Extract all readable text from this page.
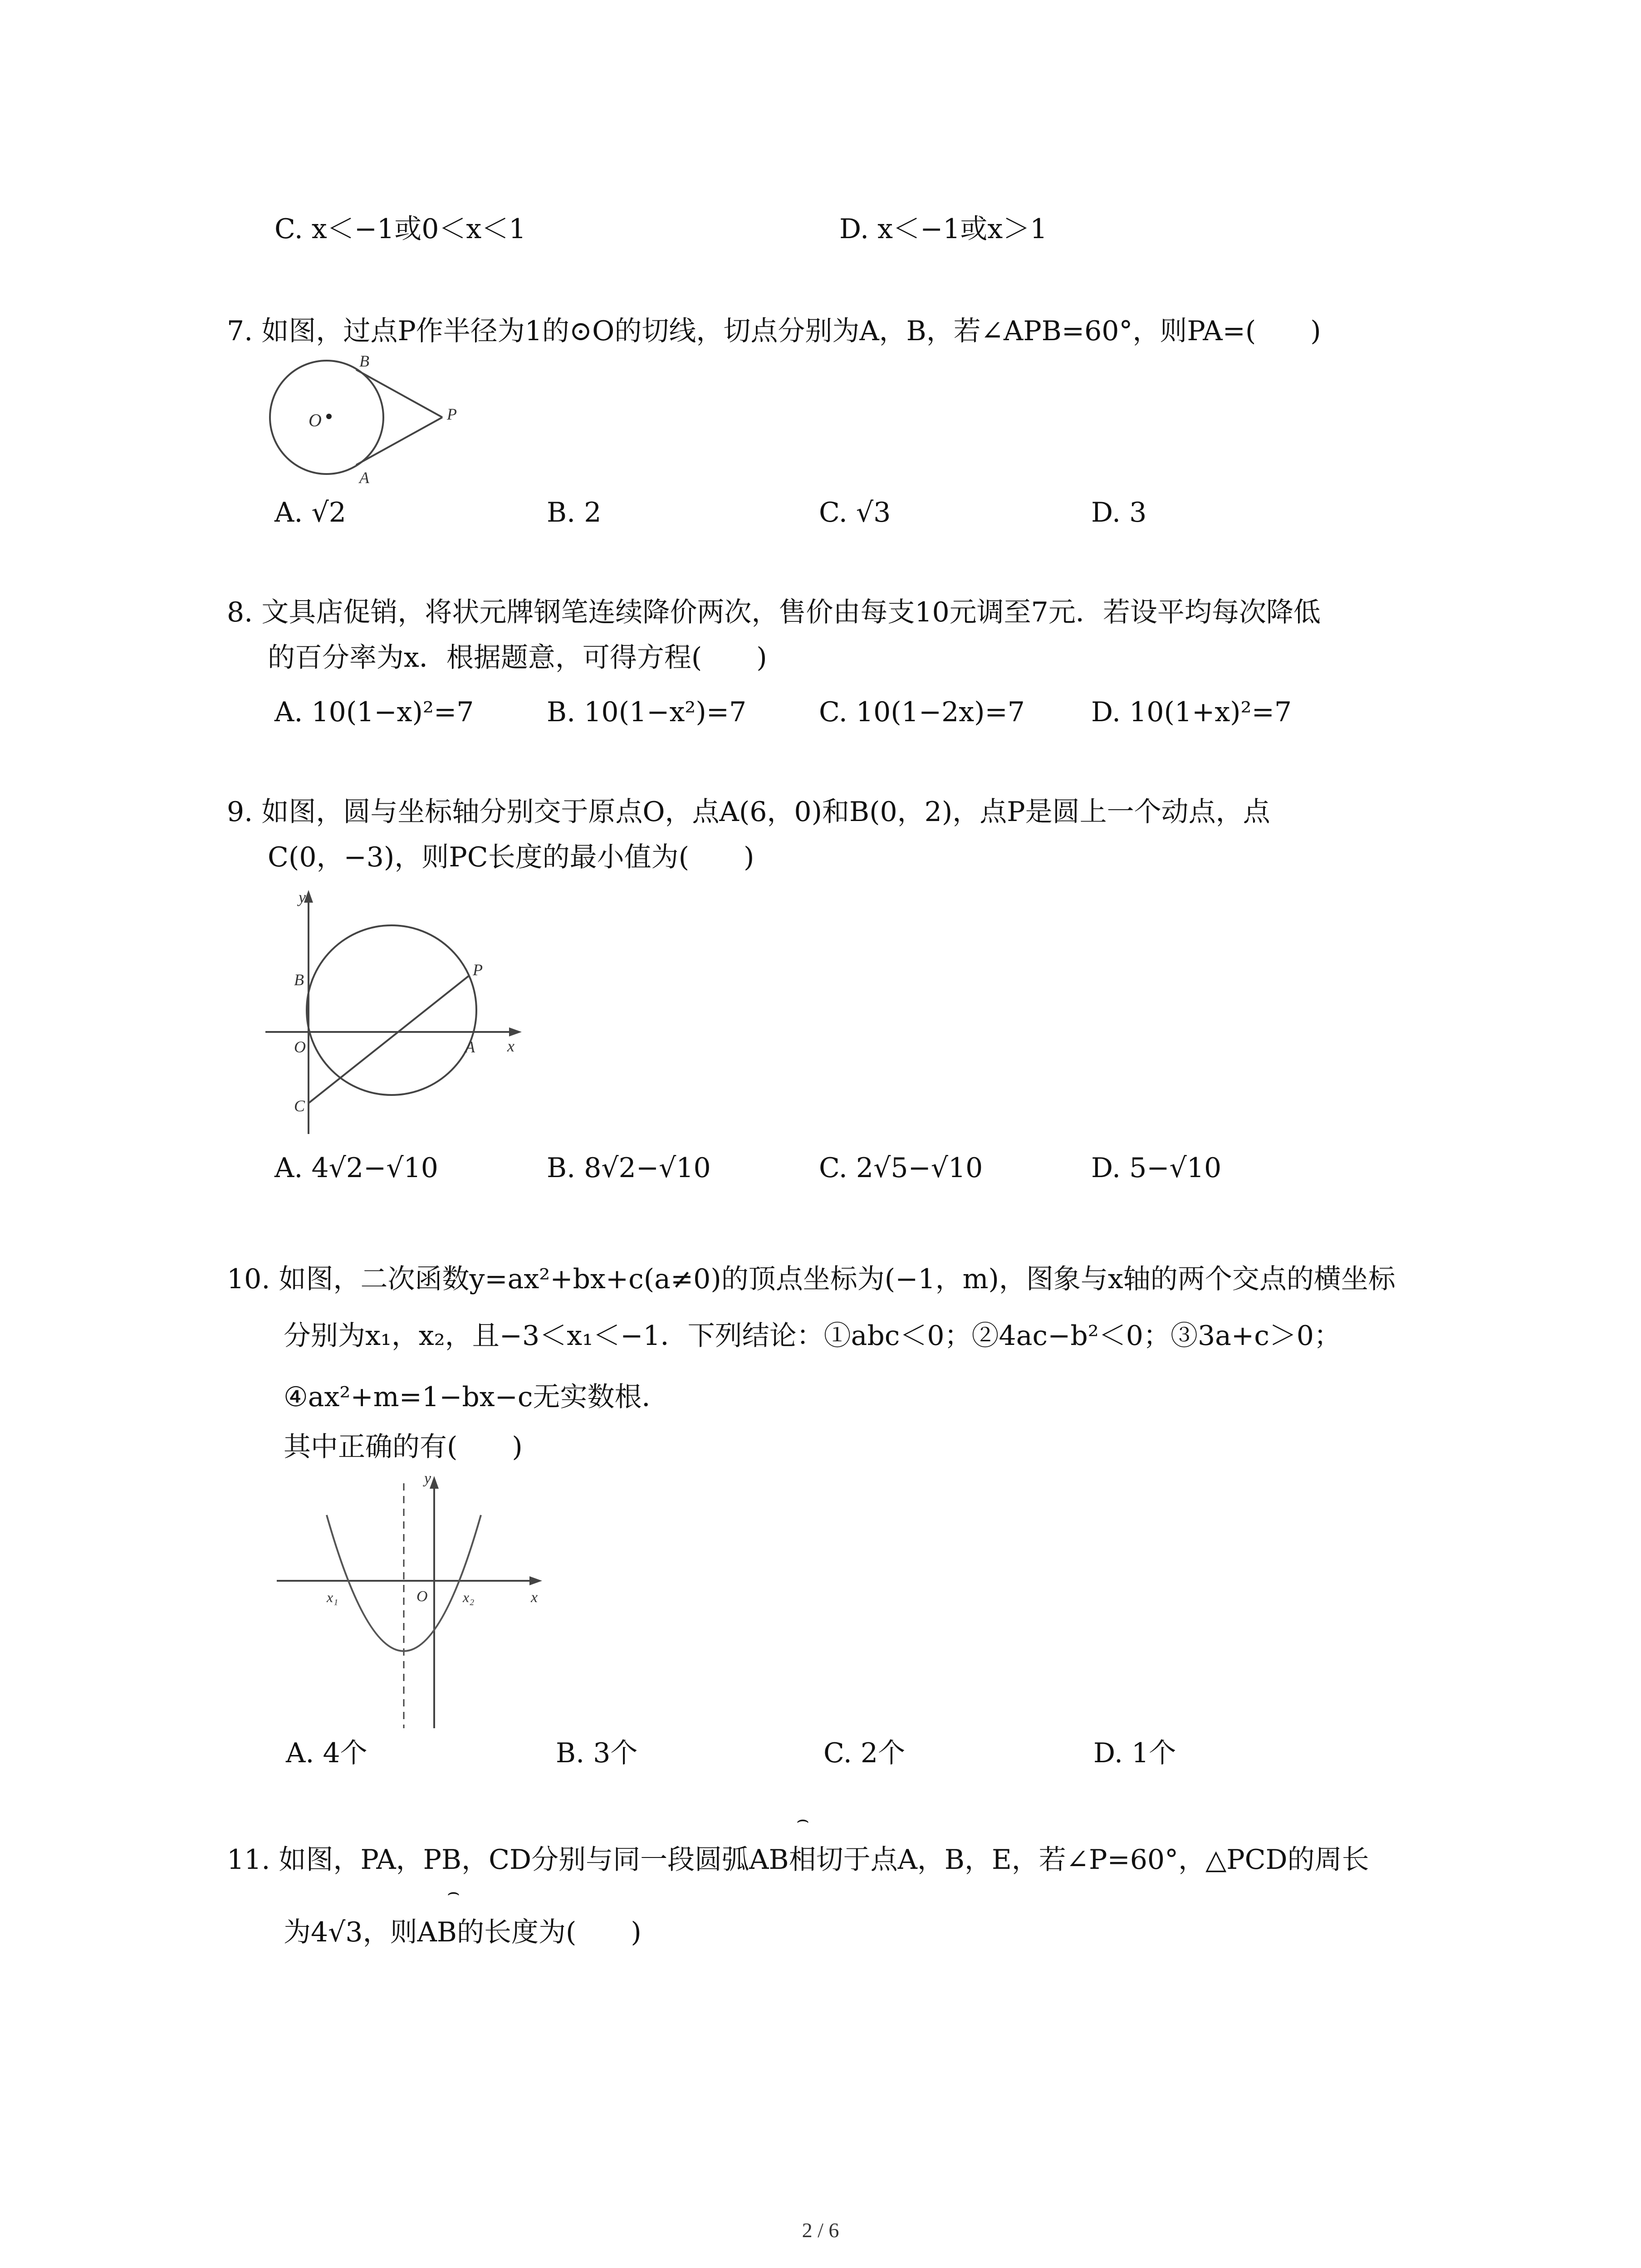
C. x＜−1或0＜x＜1	D. x＜−1或x＞1
7. 如图，过点P作半径为1的⊙O的切线，切点分别为A，B，若∠APB=60°，则PA=(　　)
B
O	P
A
A. √2	B. 2	C. √3	D. 3
8. 文具店促销，将状元牌钢笔连续降价两次，售价由每支10元调至7元．若设平均每次降低
的百分率为x．根据题意，可得方程(　　)
A. 10(1−x)²=7	B. 10(1−x²)=7	C. 10(1−2x)=7 D. 10(1+x)²=7
9. 如图，圆与坐标轴分别交于原点O，点A(6，0)和B(0，2)，点P是圆上一个动点，点
C(0，−3)，则PC长度的最小值为(　　)
y
B
P
O	A x
C
A. 4√2−√10	B. 8√2−√10	C. 2√5−√10	D. 5−√10
10. 如图，二次函数y=ax²+bx+c(a≠0)的顶点坐标为(−1，m)，图象与x轴的两个交点的横坐标
分别为x₁，x₂，且−3＜x₁＜−1．下列结论：①abc＜0；②4ac−b²＜0；③3a+c＞0；
④ax²+m=1−bx−c无实数根．
其中正确的有(　　)
y
x₁	O x₂	x
A. 4个	B. 3个	C. 2个	D. 1个
⌢
11. 如图，PA，PB，CD分别与同一段圆弧AB相切于点A，B，E，若∠P=60°，△PCD的周长
⌢
为4√3，则AB的长度为(　　)
2 / 6
